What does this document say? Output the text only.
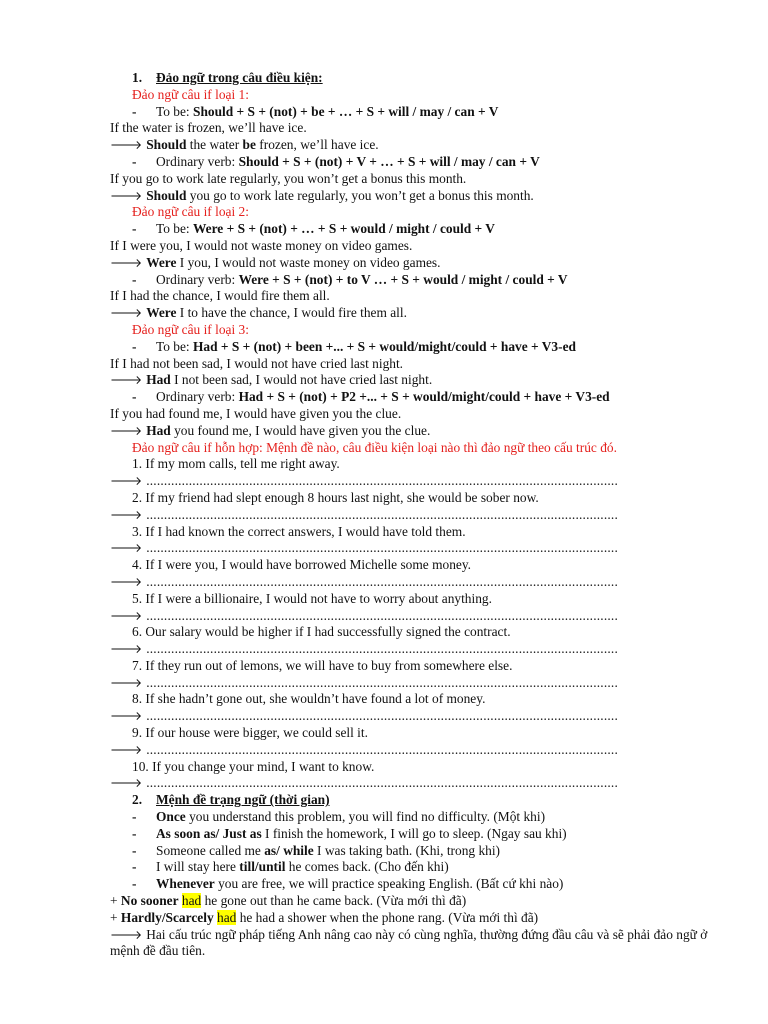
1. Đảo ngữ trong câu điều kiện:
Đảo ngữ câu if loại 1:
- To be: Should + S + (not) + be + … + S + will / may / can + V
If the water is frozen, we’ll have ice.
🡒 Should the water be frozen, we’ll have ice.
- Ordinary verb: Should + S + (not) + V + … + S + will / may / can + V
If you go to work late regularly, you won’t get a bonus this month.
🡒 Should you go to work late regularly, you won’t get a bonus this month.
Đảo ngữ câu if loại 2:
- To be: Were + S + (not) + … + S + would / might / could + V
If I were you, I would not waste money on video games.
🡒 Were I you, I would not waste money on video games.
- Ordinary verb: Were + S + (not) + to V … + S + would / might / could + V
If I had the chance, I would fire them all.
🡒 Were I to have the chance, I would fire them all.
Đảo ngữ câu if loại 3:
- To be: Had + S + (not) + been +... + S + would/might/could + have + V3-ed
If I had not been sad, I would not have cried last night.
🡒 Had I not been sad, I would not have cried last night.
- Ordinary verb: Had + S + (not) + P2 +... + S + would/might/could + have + V3-ed
If you had found me, I would have given you the clue.
🡒 Had you found me, I would have given you the clue.
Đảo ngữ câu if hỗn hợp: Mệnh đề nào, câu điều kiện loại nào thì đảo ngữ theo cấu trúc đó.
1. If my mom calls, tell me right away.
🡒 .....................................................................................................................................
2. If my friend had slept enough 8 hours last night, she would be sober now.
🡒 .....................................................................................................................................
3. If I had known the correct answers, I would have told them.
🡒 .....................................................................................................................................
4. If I were you, I would have borrowed Michelle some money.
🡒 .....................................................................................................................................
5. If I were a billionaire, I would not have to worry about anything.
🡒 .....................................................................................................................................
6. Our salary would be higher if I had successfully signed the contract.
🡒 .....................................................................................................................................
7. If they run out of lemons, we will have to buy from somewhere else.
🡒 .....................................................................................................................................
8. If she hadn’t gone out, she wouldn’t have found a lot of money.
🡒 .....................................................................................................................................
9. If our house were bigger, we could sell it.
🡒 .....................................................................................................................................
10. If you change your mind, I want to know.
🡒 .....................................................................................................................................
2. Mệnh đề trạng ngữ (thời gian)
- Once you understand this problem, you will find no difficulty. (Một khi)
- As soon as/ Just as I finish the homework, I will go to sleep. (Ngay sau khi)
- Someone called me as/ while I was taking bath. (Khi, trong khi)
- I will stay here till/until he comes back. (Cho đến khi)
- Whenever you are free, we will practice speaking English. (Bất cứ khi nào)
+ No sooner had he gone out than he came back. (Vừa mới thì đã)
+ Hardly/Scarcely had he had a shower when the phone rang. (Vừa mới thì đã)
🡒 Hai cấu trúc ngữ pháp tiếng Anh nâng cao này có cùng nghĩa, thường đứng đầu câu và sẽ phải đảo ngữ ở mệnh đề đầu tiên.
